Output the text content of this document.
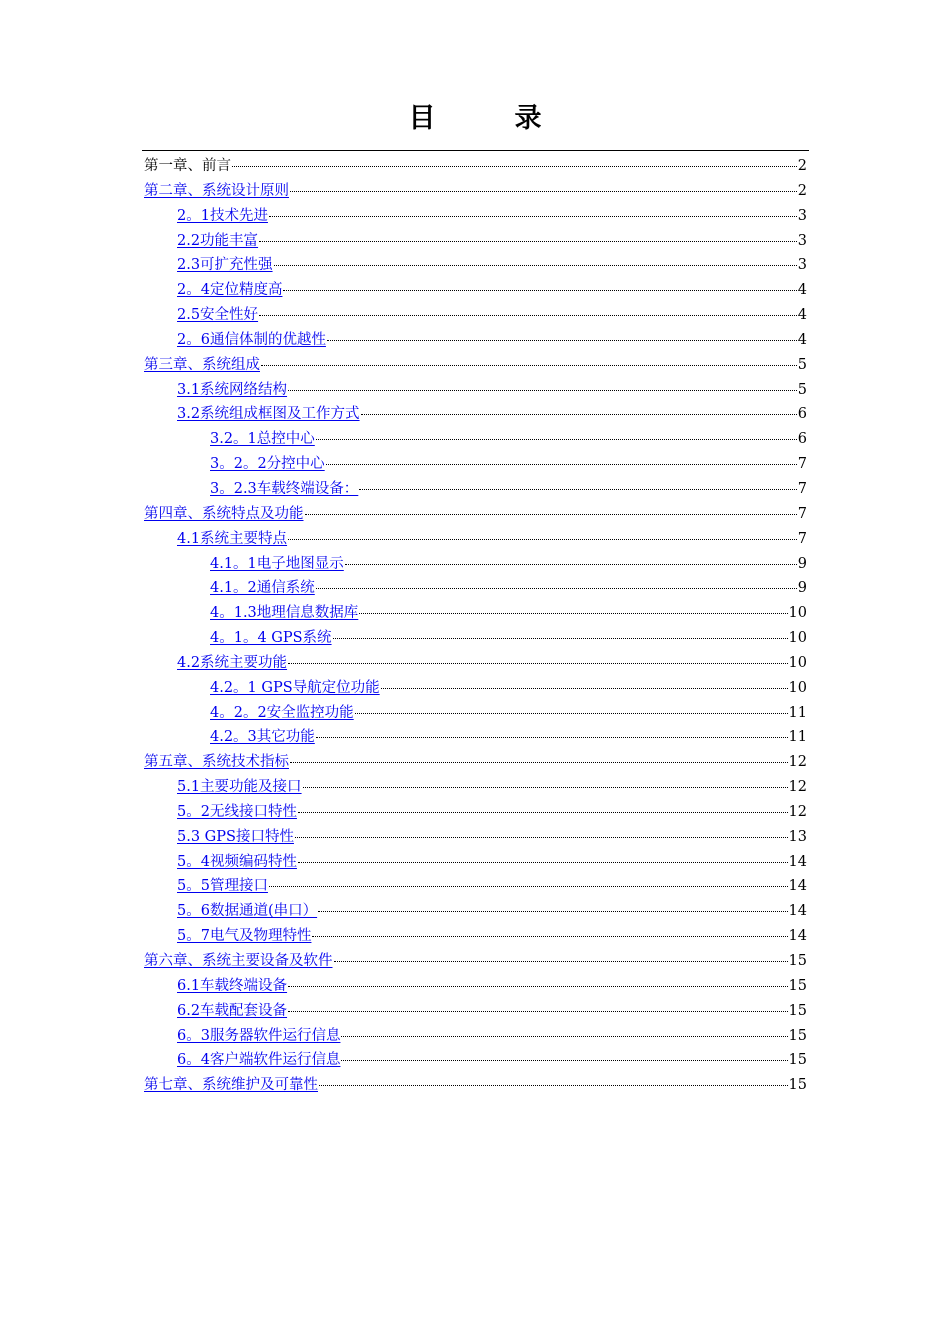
目　录
第一章、前言	2
第二章、系统设计原则	2
2。1技术先进	3
2.2功能丰富	3
2.3可扩充性强	3
2。4定位精度高	4
2.5安全性好	4
2。6通信体制的优越性	4
第三章、系统组成	5
3.1系统网络结构	5
3.2系统组成框图及工作方式	6
3.2。1总控中心	6
3。2。2分控中心	7
3。2.3车载终端设备：	7
第四章、系统特点及功能	7
4.1系统主要特点	7
4.1。1电子地图显示	9
4.1。2通信系统	9
4。1.3地理信息数据库	10
4。1。4 GPS系统	10
4.2系统主要功能	10
4.2。1 GPS导航定位功能	10
4。2。2安全监控功能	11
4.2。3其它功能	11
第五章、系统技术指标	12
5.1主要功能及接口	12
5。2无线接口特性	12
5.3 GPS接口特性	13
5。4视频编码特性	14
5。5管理接口	14
5。6数据通道(串口）	14
5。7电气及物理特性	14
第六章、系统主要设备及软件	15
6.1车载终端设备	15
6.2车载配套设备	15
6。3服务器软件运行信息	15
6。4客户端软件运行信息	15
第七章、系统维护及可靠性	15
